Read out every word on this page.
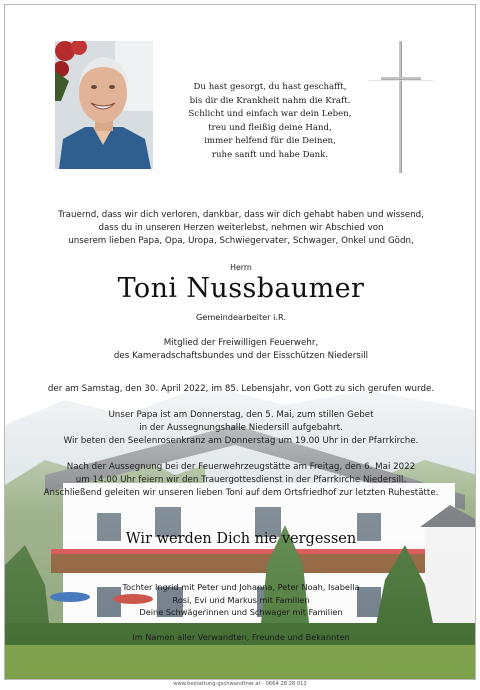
Du hast gesorgt, du hast geschafft,
bis dir die Krankheit nahm die Kraft.
Schlicht und einfach war dein Leben,
treu und fleißig deine Hand,
immer helfend für die Deinen,
ruhe sanft und habe Dank.
Trauernd, dass wir dich verloren, dankbar, dass wir dich gehabt haben und wissend,
dass du in unseren Herzen weiterlebst, nehmen wir Abschied von
unserem lieben Papa, Opa, Uropa, Schwiegervater, Schwager, Onkel und Gödn,
Herrn
Toni Nussbaumer
Gemeindearbeiter i.R.
Mitglied der Freiwilligen Feuerwehr,
des Kameradschaftsbundes und der Eisschützen Niedersill
der am Samstag, den 30. April 2022, im 85. Lebensjahr, von Gott zu sich gerufen wurde.
Unser Papa ist am Donnerstag, den 5. Mai, zum stillen Gebet
in der Aussegnungshalle Niedersill aufgebahrt.
Wir beten den Seelenrosenkranz am Donnerstag um 19.00 Uhr in der Pfarrkirche.
Nach der Aussegnung bei der Feuerwehrzeugstätte am Freitag, den 6. Mai 2022
um 14.00 Uhr feiern wir den Trauergottesdienst in der Pfarrkirche Niedersill.
Anschließend geleiten wir unseren lieben Toni auf dem Ortsfriedhof zur letzten Ruhestätte.
Wir werden Dich nie vergessen
Tochter Ingrid mit Peter und Johanna, Peter Noah, Isabella
Rosi, Evi und Markus mit Familien
Deine Schwägerinnen und Schwager mit Familien
Im Namen aller Verwandten, Freunde und Bekannten
www.bestattung-gschwandtner.at · 0664 28 28 013
